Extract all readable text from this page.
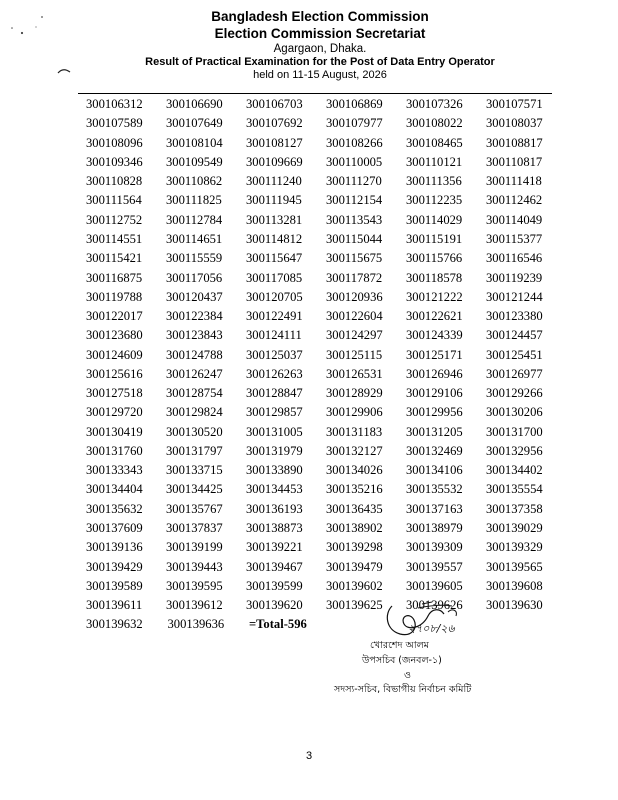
Bangladesh Election Commission
Election Commission Secretariat
Agargaon, Dhaka.
Result of Practical Examination for the Post of Data Entry Operator
held on 11-15 August, 2026
300106312	300106690	300106703	300106869	300107326	300107571
300107589	300107649	300107692	300107977	300108022	300108037
300108096	300108104	300108127	300108266	300108465	300108817
300109346	300109549	300109669	300110005	300110121	300110817
300110828	300110862	300111240	300111270	300111356	300111418
300111564	300111825	300111945	300112154	300112235	300112462
300112752	300112784	300113281	300113543	300114029	300114049
300114551	300114651	300114812	300115044	300115191	300115377
300115421	300115559	300115647	300115675	300115766	300116546
300116875	300117056	300117085	300117872	300118578	300119239
300119788	300120437	300120705	300120936	300121222	300121244
300122017	300122384	300122491	300122604	300122621	300123380
300123680	300123843	300124111	300124297	300124339	300124457
300124609	300124788	300125037	300125115	300125171	300125451
300125616	300126247	300126263	300126531	300126946	300126977
300127518	300128754	300128847	300128929	300129106	300129266
300129720	300129824	300129857	300129906	300129956	300130206
300130419	300130520	300131005	300131183	300131205	300131700
300131760	300131797	300131979	300132127	300132469	300132956
300133343	300133715	300133890	300134026	300134106	300134402
300134404	300134425	300134453	300135216	300135532	300135554
300135632	300135767	300136193	300136435	300137163	300137358
300137609	300137837	300138873	300138902	300138979	300139029
300139136	300139199	300139221	300139298	300139309	300139329
300139429	300139443	300139467	300139479	300139557	300139565
300139589	300139595	300139599	300139602	300139605	300139608
300139611	300139612	300139620	300139625	300139626	300139630
300139632	300139636	=Total-596	২৭০৮/২৬
খোরশেদ আলম
উপসচিব (জনবল-১)
ও
সদস্য-সচিব, বিভাগীয় নির্বাচন কমিটি
3
